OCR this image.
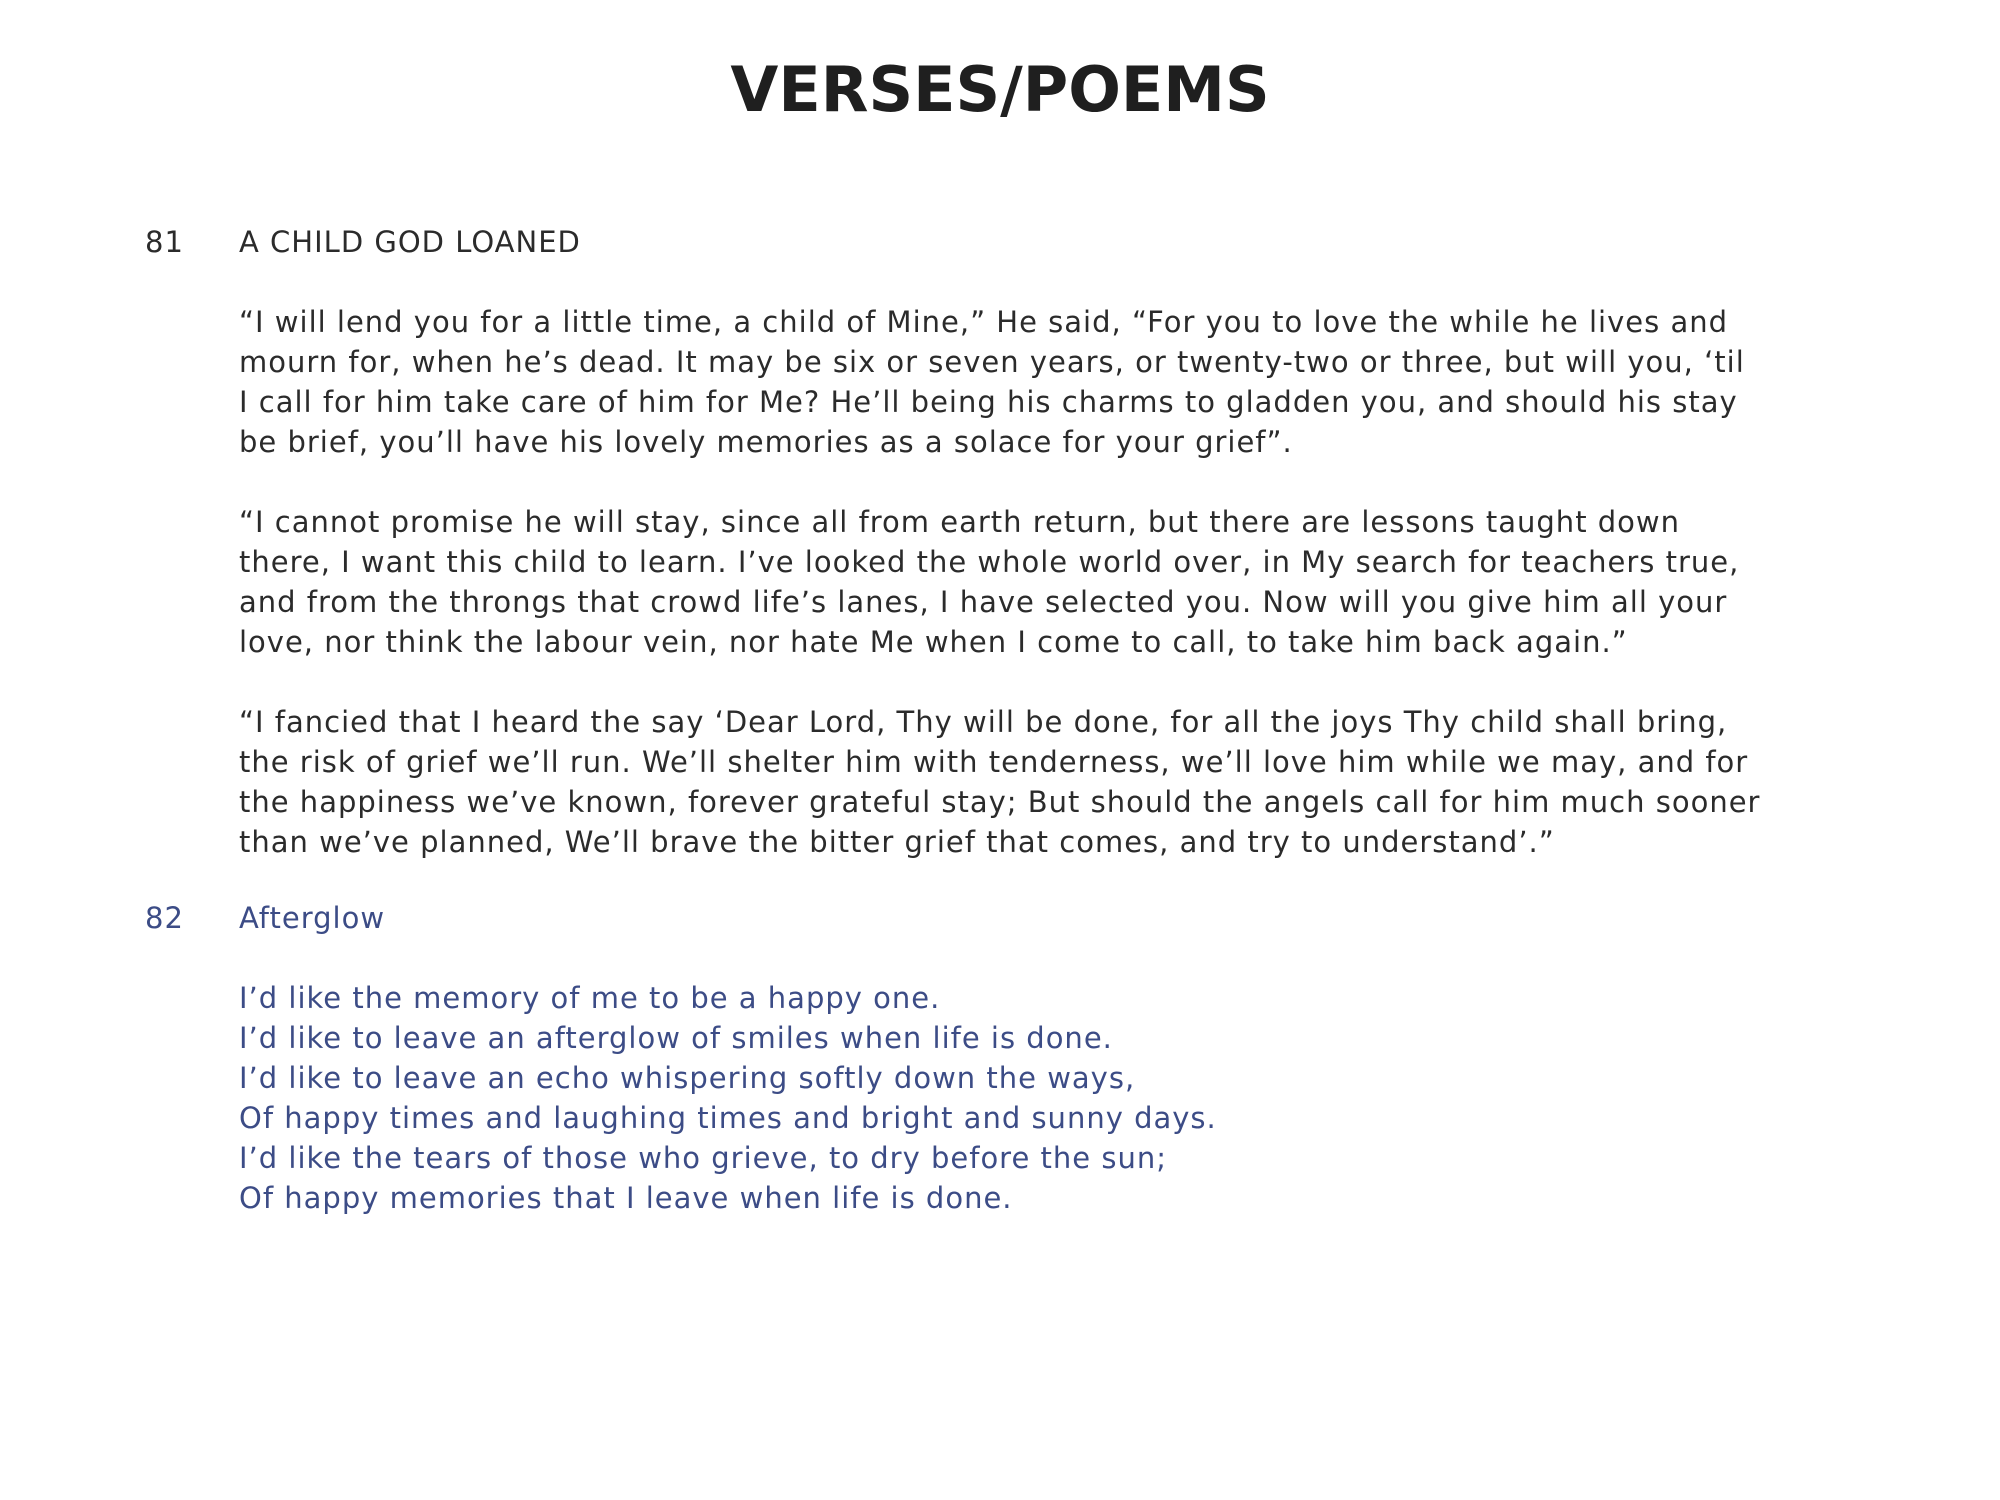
VERSES/POEMS
81 A CHILD GOD LOANED

“I will lend you for a little time, a child of Mine,” He said, “For you to love the while he lives and
mourn for, when he’s dead. It may be six or seven years, or twenty-two or three, but will you, ‘til
I call for him take care of him for Me? He’ll being his charms to gladden you, and should his stay
be brief, you’ll have his lovely memories as a solace for your grief”.

“I cannot promise he will stay, since all from earth return, but there are lessons taught down
there, I want this child to learn. I’ve looked the whole world over, in My search for teachers true,
and from the throngs that crowd life’s lanes, I have selected you. Now will you give him all your
love, nor think the labour vein, nor hate Me when I come to call, to take him back again.”

“I fancied that I heard the say ‘Dear Lord, Thy will be done, for all the joys Thy child shall bring,
the risk of grief we’ll run. We’ll shelter him with tenderness, we’ll love him while we may, and for
the happiness we’ve known, forever grateful stay; But should the angels call for him much sooner
than we’ve planned, We’ll brave the bitter grief that comes, and try to understand’.”

82 Afterglow
I’d like the memory of me to be a happy one.
I’d like to leave an afterglow of smiles when life is done.
I’d like to leave an echo whispering softly down the ways,
Of happy times and laughing times and bright and sunny days.
I’d like the tears of those who grieve, to dry before the sun;
Of happy memories that I leave when life is done.
